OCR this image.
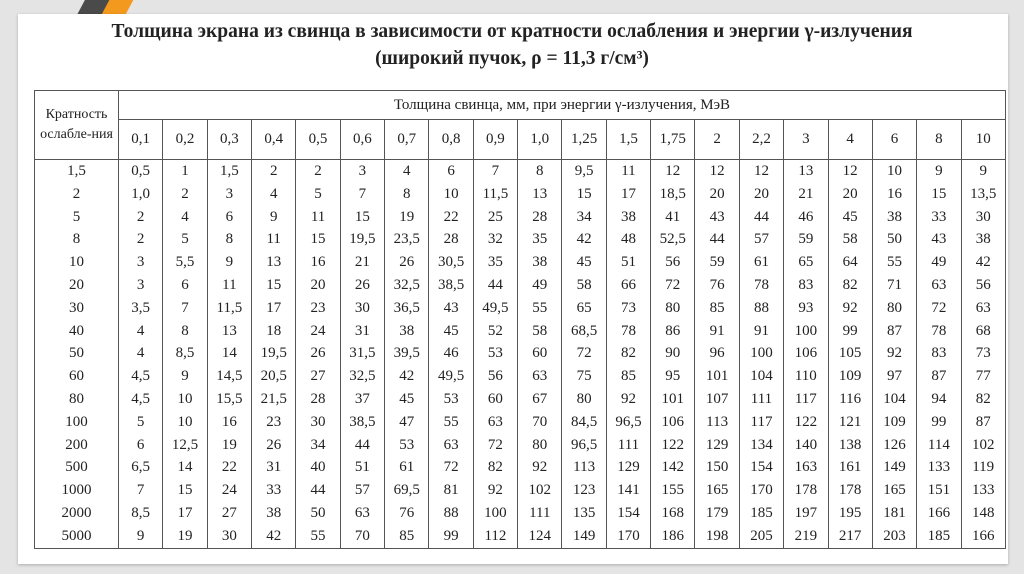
Толщина экрана из свинца в зависимости от кратности ослабления и энергии γ-излучения
(широкий пучок, ρ = 11,3 г/см³)
Кратность ослабле-ния	Толщина свинца, мм, при энергии γ-излучения, МэВ																			
	0,1	0,2	0,3	0,4	0,5	0,6	0,7	0,8	0,9	1,0	1,25	1,5	1,75	2	2,2	3	4	6	8	10
1,5	0,5	1	1,5	2	2	3	4	6	7	8	9,5	11	12	12	12	13	12	10	9	9
2	1,0	2	3	4	5	7	8	10	11,5	13	15	17	18,5	20	20	21	20	16	15	13,5
5	2	4	6	9	11	15	19	22	25	28	34	38	41	43	44	46	45	38	33	30
8	2	5	8	11	15	19,5	23,5	28	32	35	42	48	52,5	44	57	59	58	50	43	38
10	3	5,5	9	13	16	21	26	30,5	35	38	45	51	56	59	61	65	64	55	49	42
20	3	6	11	15	20	26	32,5	38,5	44	49	58	66	72	76	78	83	82	71	63	56
30	3,5	7	11,5	17	23	30	36,5	43	49,5	55	65	73	80	85	88	93	92	80	72	63
40	4	8	13	18	24	31	38	45	52	58	68,5	78	86	91	91	100	99	87	78	68
50	4	8,5	14	19,5	26	31,5	39,5	46	53	60	72	82	90	96	100	106	105	92	83	73
60	4,5	9	14,5	20,5	27	32,5	42	49,5	56	63	75	85	95	101	104	110	109	97	87	77
80	4,5	10	15,5	21,5	28	37	45	53	60	67	80	92	101	107	111	117	116	104	94	82
100	5	10	16	23	30	38,5	47	55	63	70	84,5	96,5	106	113	117	122	121	109	99	87
200	6	12,5	19	26	34	44	53	63	72	80	96,5	111	122	129	134	140	138	126	114	102
500	6,5	14	22	31	40	51	61	72	82	92	113	129	142	150	154	163	161	149	133	119
1000	7	15	24	33	44	57	69,5	81	92	102	123	141	155	165	170	178	178	165	151	133
2000	8,5	17	27	38	50	63	76	88	100	111	135	154	168	179	185	197	195	181	166	148
5000	9	19	30	42	55	70	85	99	112	124	149	170	186	198	205	219	217	203	185	166
